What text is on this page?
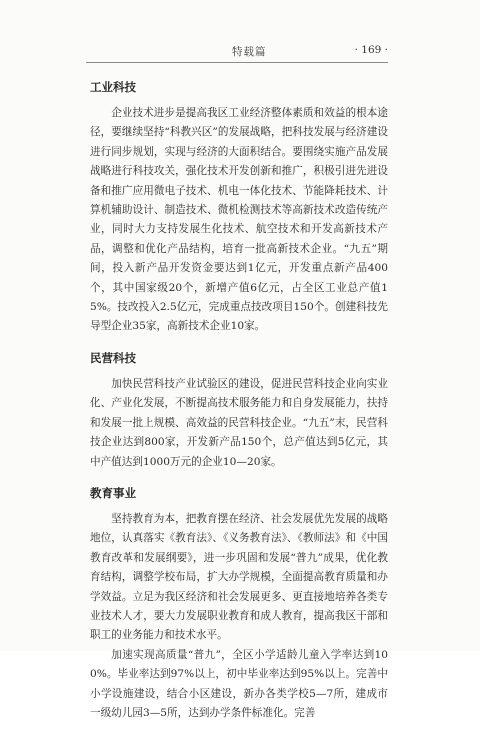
特载篇	· 169 ·
工业科技

企业技术进步是提高我区工业经济整体素质和效益的根本途径，要继续坚持“科教兴区”的发展战略，把科技发展与经济建设进行同步规划，实现与经济的大面积结合。要围绕实施产品发展战略进行科技攻关，强化技术开发创新和推广，积极引进先进设备和推广应用微电子技术、机电一体化技术、节能降耗技术、计算机辅助设计、制造技术、微机检测技术等高新技术改造传统产业，同时大力支持发展生化技术、航空技术和开发高新技术产品，调整和优化产品结构，培育一批高新技术企业。“九五”期间，投入新产品开发资金要达到1亿元，开发重点新产品400个，其中国家级20个，新增产值6亿元，占全区工业总产值15%。技改投入2.5亿元，完成重点技改项目150个。创建科技先导型企业35家，高新技术企业10家。

民营科技

加快民营科技产业试验区的建设，促进民营科技企业向实业化、产业化发展，不断提高技术服务能力和自身发展能力，扶持和发展一批上规模、高效益的民营科技企业。“九五”末，民营科技企业达到800家，开发新产品150个，总产值达到5亿元，其中产值达到1000万元的企业10—20家。

教育事业

坚持教育为本，把教育摆在经济、社会发展优先发展的战略地位，认真落实《教育法》、《义务教育法》、《教师法》和《中国教育改革和发展纲要》，进一步巩固和发展“普九”成果，优化教育结构，调整学校布局，扩大办学规模，全面提高教育质量和办学效益。立足为我区经济和社会发展更多、更直接地培养各类专业技术人才，要大力发展职业教育和成人教育，提高我区干部和职工的业务能力和技术水平。

加速实现高质量“普九”，全区小学适龄儿童入学率达到100%。毕业率达到97%以上，初中毕业率达到95%以上。完善中小学设施建设，结合小区建设，新办各类学校5—7所，建成市一级幼儿园3—5所，达到办学条件标准化。完善
